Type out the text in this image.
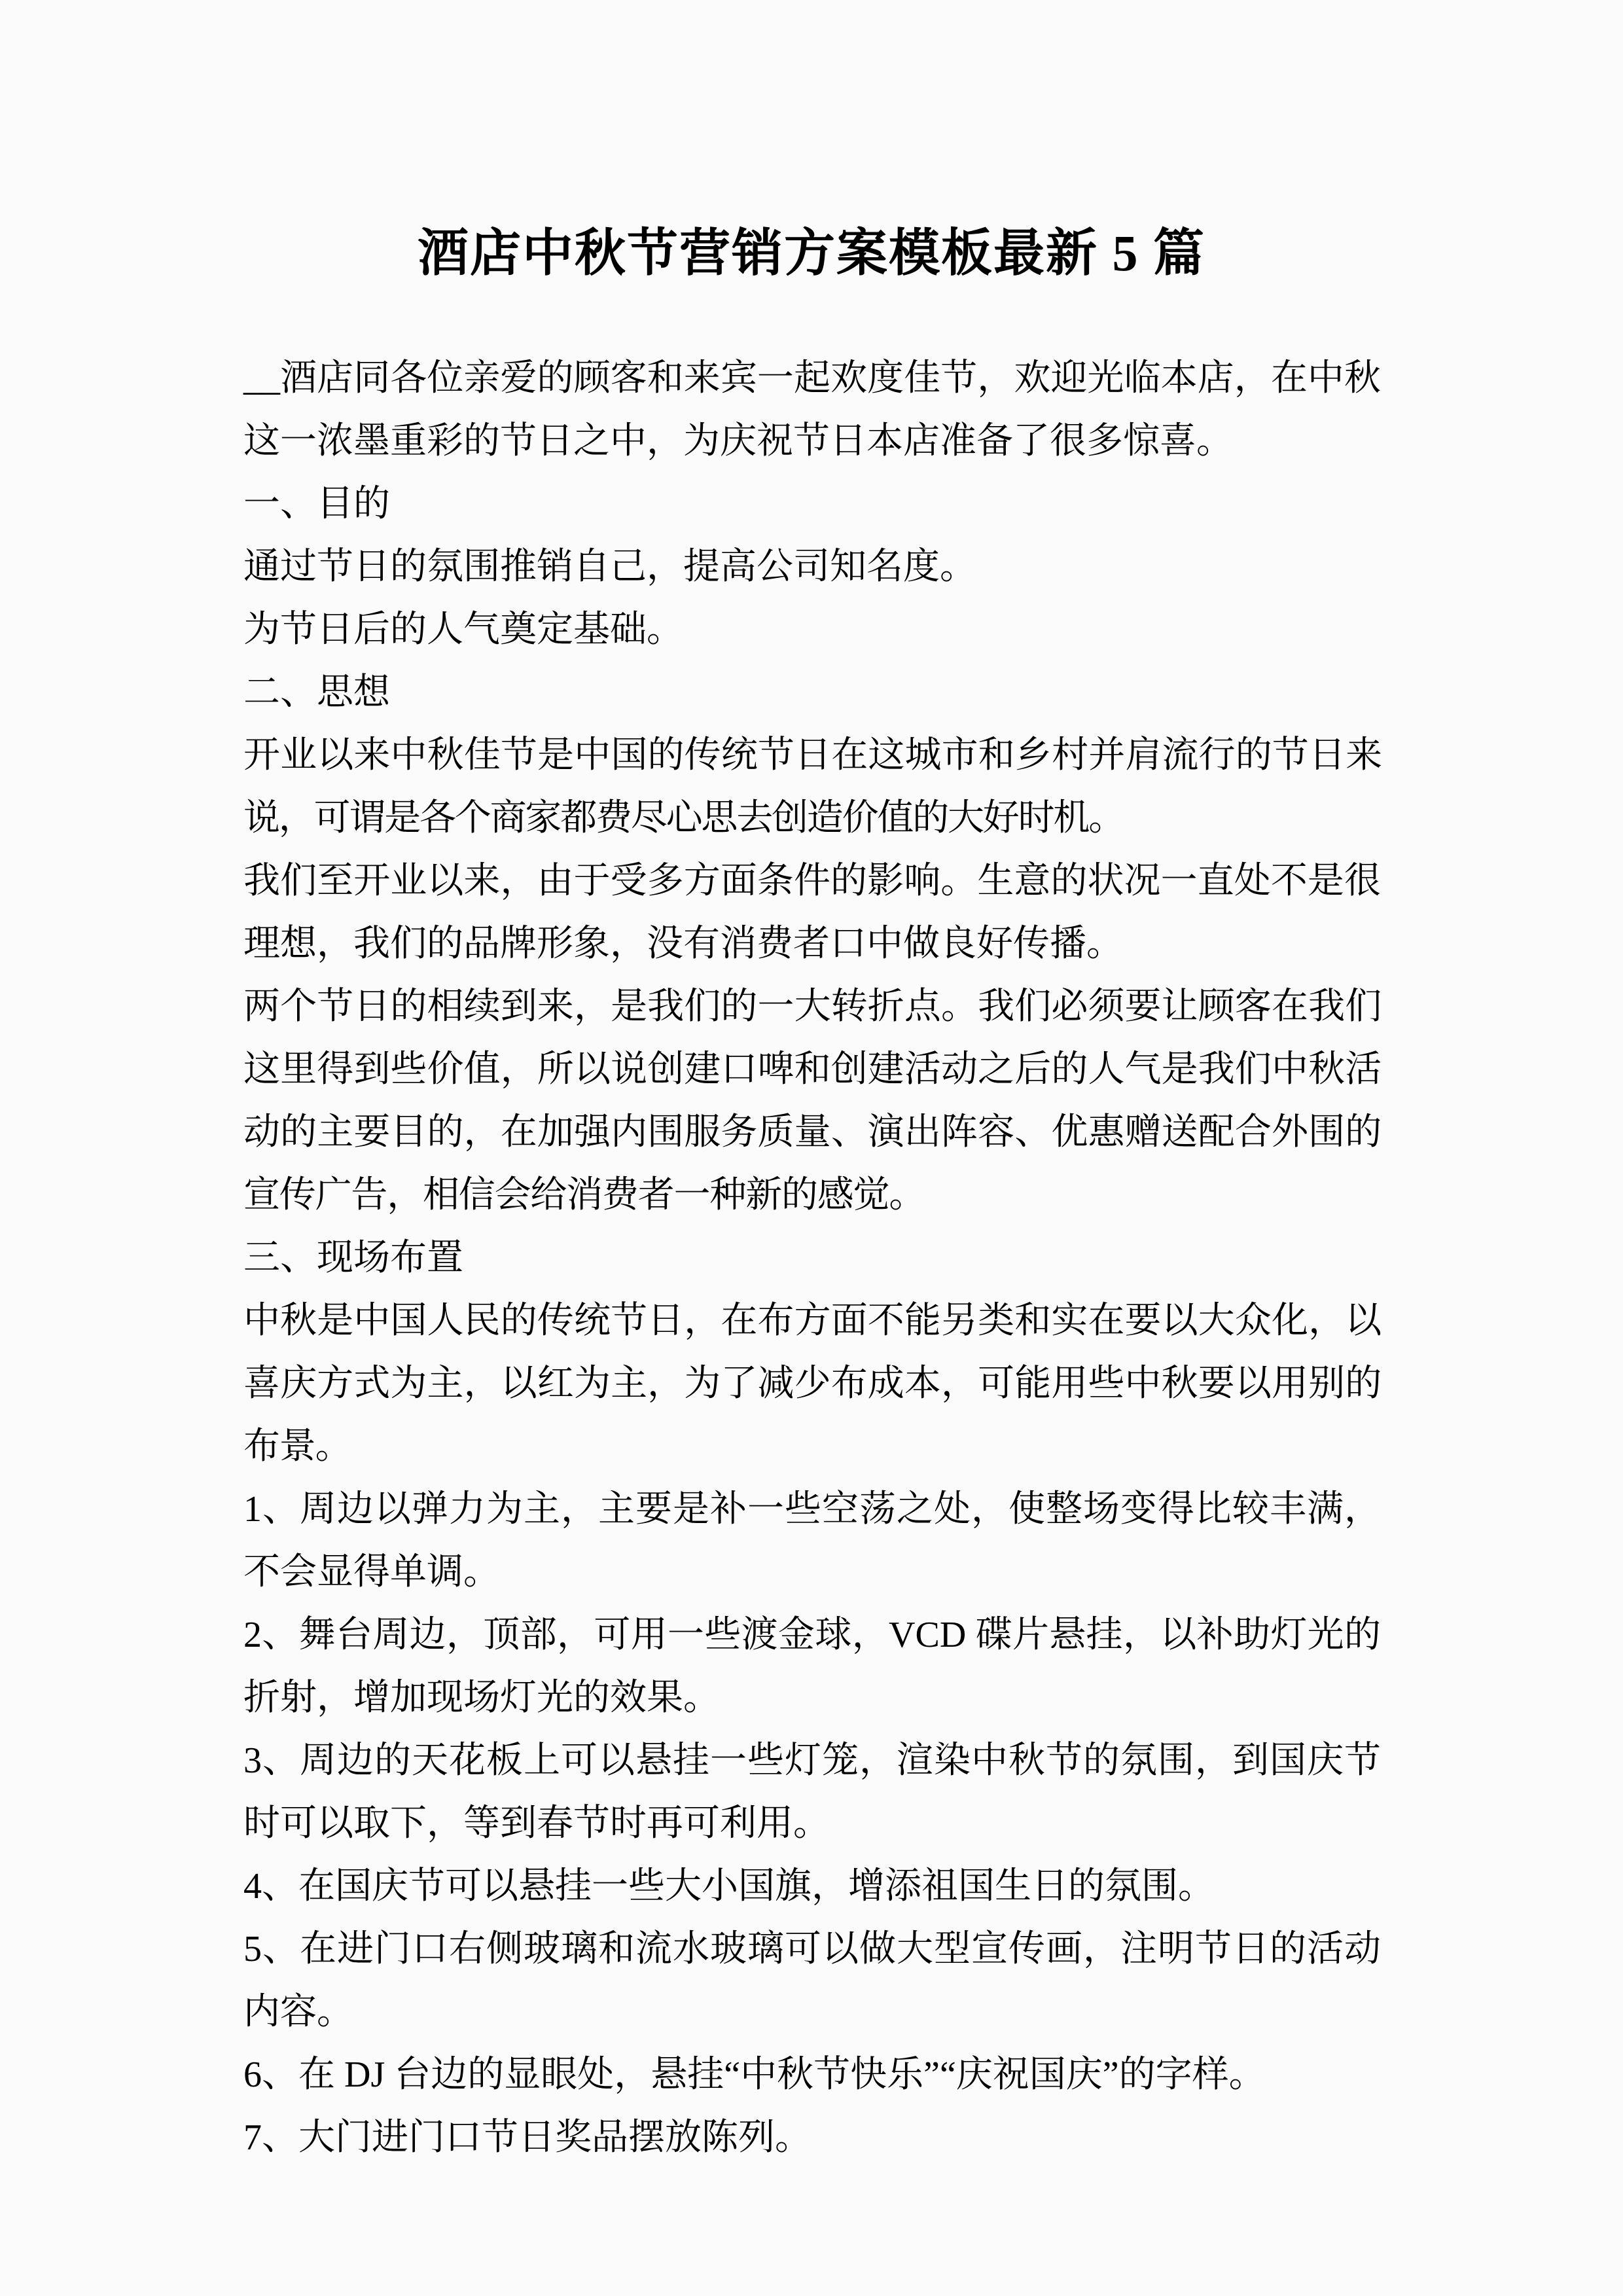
酒店中秋节营销方案模板最新 5 篇

__酒店同各位亲爱的顾客和来宾一起欢度佳节，欢迎光临本店，在中秋这一浓墨重彩的节日之中，为庆祝节日本店准备了很多惊喜。

一、目的

通过节日的氛围推销自己，提高公司知名度。

为节日后的人气奠定基础。

二、思想

开业以来中秋佳节是中国的传统节日在这城市和乡村并肩流行的节日来说，可谓是各个商家都费尽心思去创造价值的大好时机。

我们至开业以来，由于受多方面条件的影响。生意的状况一直处不是很理想，我们的品牌形象，没有消费者口中做良好传播。

两个节日的相续到来，是我们的一大转折点。我们必须要让顾客在我们这里得到些价值，所以说创建口啤和创建活动之后的人气是我们中秋活动的主要目的，在加强内围服务质量、演出阵容、优惠赠送配合外围的宣传广告，相信会给消费者一种新的感觉。

三、现场布置

中秋是中国人民的传统节日，在布方面不能另类和实在要以大众化，以喜庆方式为主，以红为主，为了减少布成本，可能用些中秋要以用别的布景。

1、周边以弹力为主，主要是补一些空荡之处，使整场变得比较丰满，不会显得单调。

2、舞台周边，顶部，可用一些渡金球，VCD 碟片悬挂，以补助灯光的折射，增加现场灯光的效果。

3、周边的天花板上可以悬挂一些灯笼，渲染中秋节的氛围，到国庆节时可以取下，等到春节时再可利用。

4、在国庆节可以悬挂一些大小国旗，增添祖国生日的氛围。

5、在进门口右侧玻璃和流水玻璃可以做大型宣传画，注明节日的活动内容。

6、在 DJ 台边的显眼处，悬挂“中秋节快乐”“庆祝国庆”的字样。

7、大门进门口节日奖品摆放陈列。
